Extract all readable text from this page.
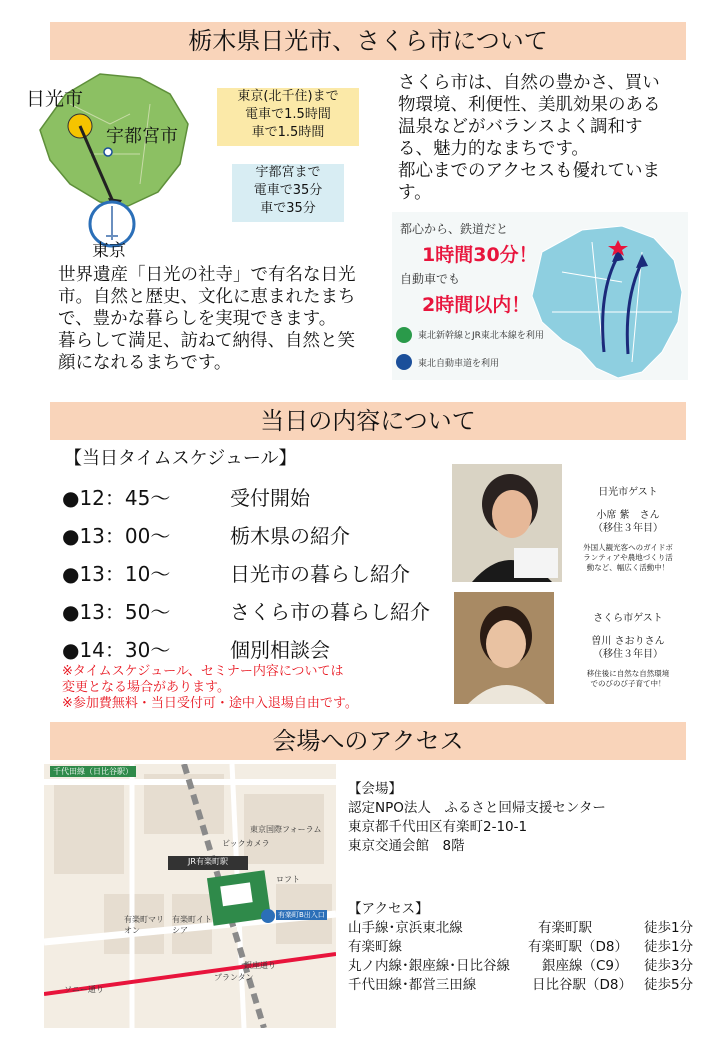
栃木県日光市、さくら市について
日光市
宇都宮市
東京
東京(北千住)まで
電車で1.5時間
車で1.5時間
宇都宮まで
電車で35分
車で35分

さくら市は、自然の豊かさ、買い物環境、利便性、美肌効果のある温泉などがバランスよく調和する、魅力的なまちです。
都心までのアクセスも優れています。

世界遺産「日光の社寺」で有名な日光市。自然と歴史、文化に恵まれたまちで、豊かな暮らしを実現できます。
暮らして満足、訪ねて納得、自然と笑顔になれるまちです。

都心から、鉄道だと
1時間30分！
自動車でも
2時間以内！
東北新幹線とJR東北本線を利用
東北自動車道を利用
当日の内容について
【当日タイムスケジュール】
●12：45～	受付開始
●13：00～	栃木県の紹介
●13：10～	日光市の暮らし紹介
●13：50～	さくら市の暮らし紹介
●14：30～	個別相談会
※タイムスケジュール、セミナー内容については
変更となる場合があります。
※参加費無料・当日受付可・途中入退場自由です。
日光市ゲスト
小席 紫　さん
（移住３年目）
外国人観光客へのガイドボ
ランティアや農地づくり活
動など、幅広く活動中！
さくら市ゲスト
曽川 さおりさん
（移住３年目）
移住後に自然な自然環境
でのびのび子育て中！
会場へのアクセス
JR有楽町駅
東京国際フォーラム
ビックカメラ
ロフト
有楽町マリオン
有楽町イトシア
ソニー通り
銀座通り
千代田線（日比谷駅）
有楽町B出入口
プランタン
【会場】
認定NPO法人　ふるさと回帰支援センター
東京都千代田区有楽町2-10-1
東京交通会館　8階
【アクセス】
山手線･京浜東北線	有楽町駅	徒歩1分
有楽町線	有楽町駅（D8） 徒歩1分
丸ノ内線･銀座線･日比谷線 銀座線（C9） 徒歩3分
千代田線･都営三田線	日比谷駅（D8） 徒歩5分
